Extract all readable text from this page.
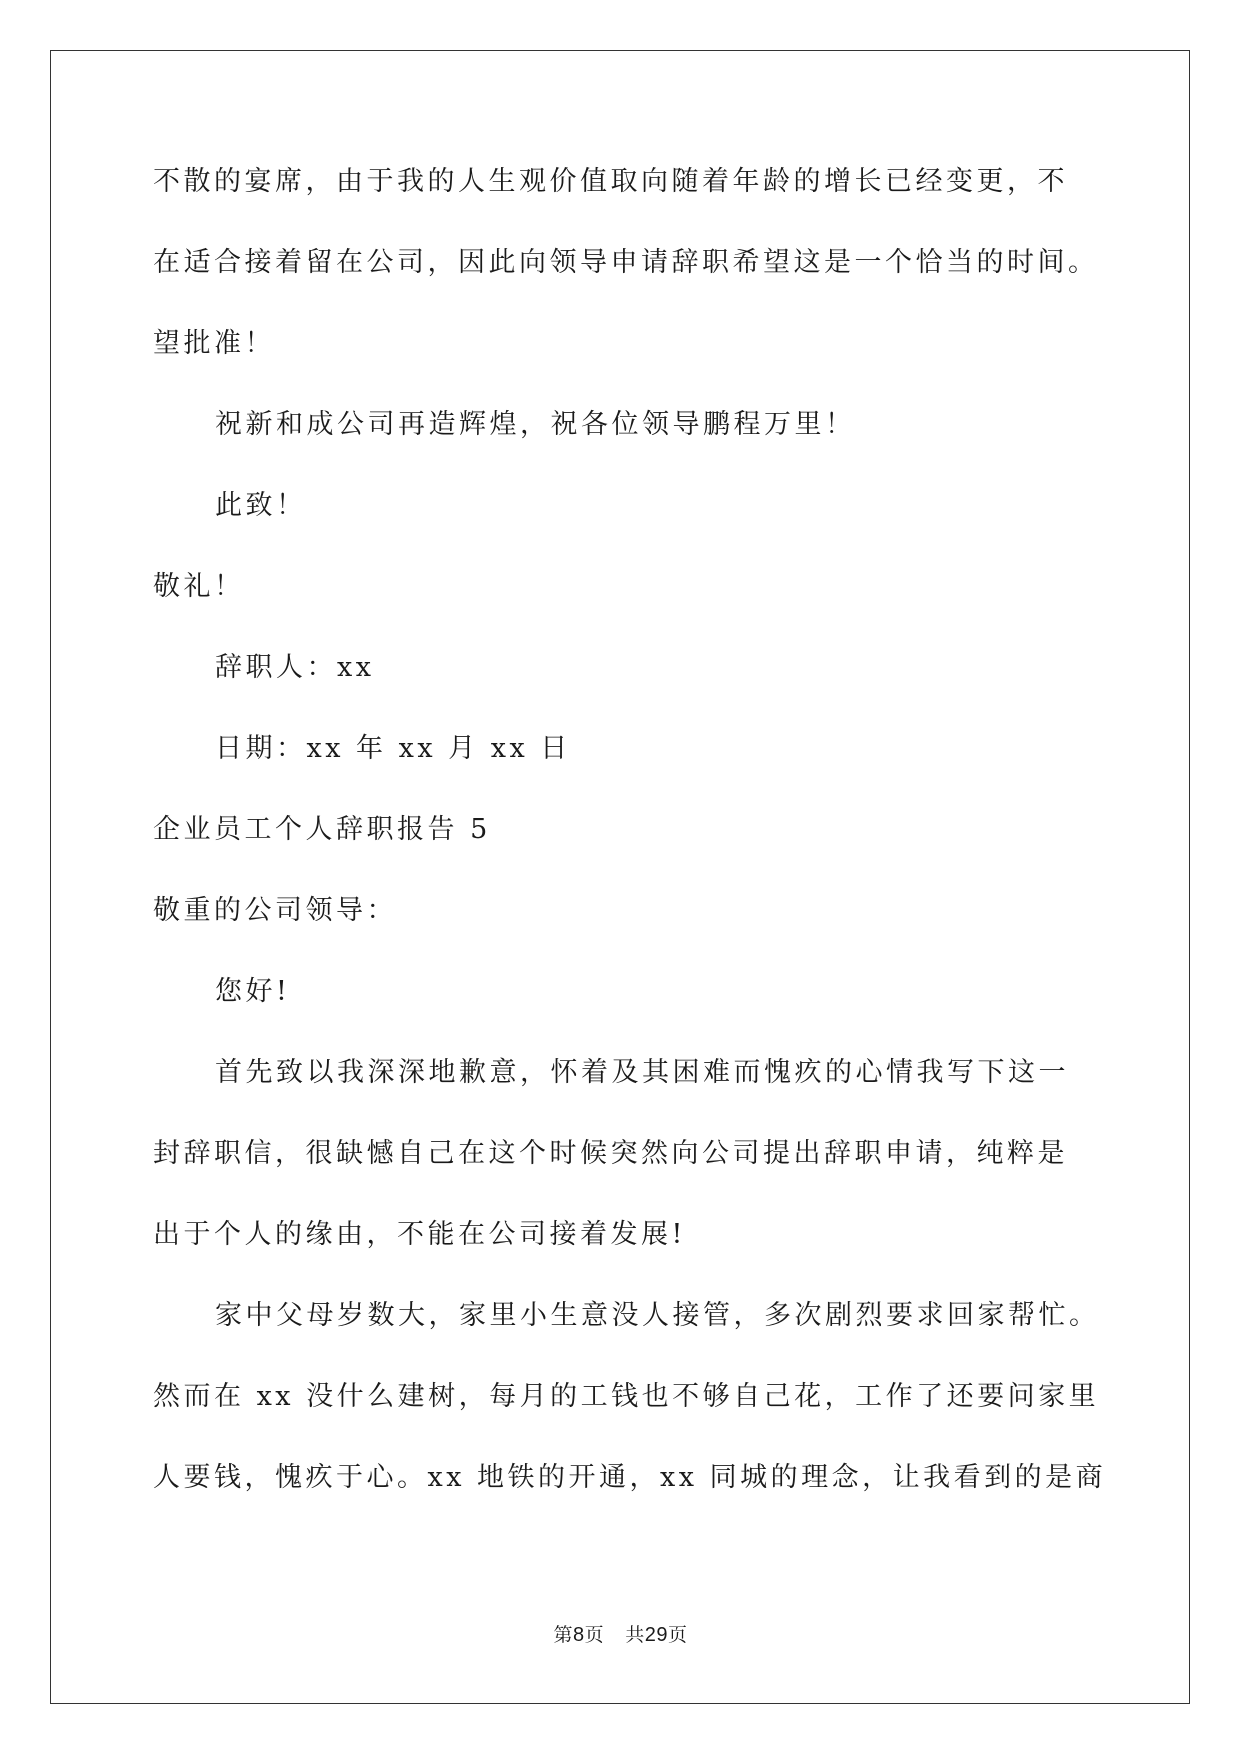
不散的宴席，由于我的人生观价值取向随着年龄的增长已经变更，不
在适合接着留在公司，因此向领导申请辞职希望这是一个恰当的时间。
望批准！
祝新和成公司再造辉煌，祝各位领导鹏程万里！
此致！
敬礼！
辞职人：xx
日期：xx 年 xx 月 xx 日
企业员工个人辞职报告 5
敬重的公司领导：
您好!
首先致以我深深地歉意，怀着及其困难而愧疚的心情我写下这一
封辞职信，很缺憾自己在这个时候突然向公司提出辞职申请，纯粹是
出于个人的缘由，不能在公司接着发展!
家中父母岁数大，家里小生意没人接管，多次剧烈要求回家帮忙。
然而在 xx 没什么建树，每月的工钱也不够自己花，工作了还要问家里
人要钱，愧疚于心。xx 地铁的开通，xx 同城的理念，让我看到的是商
第8页 共29页
